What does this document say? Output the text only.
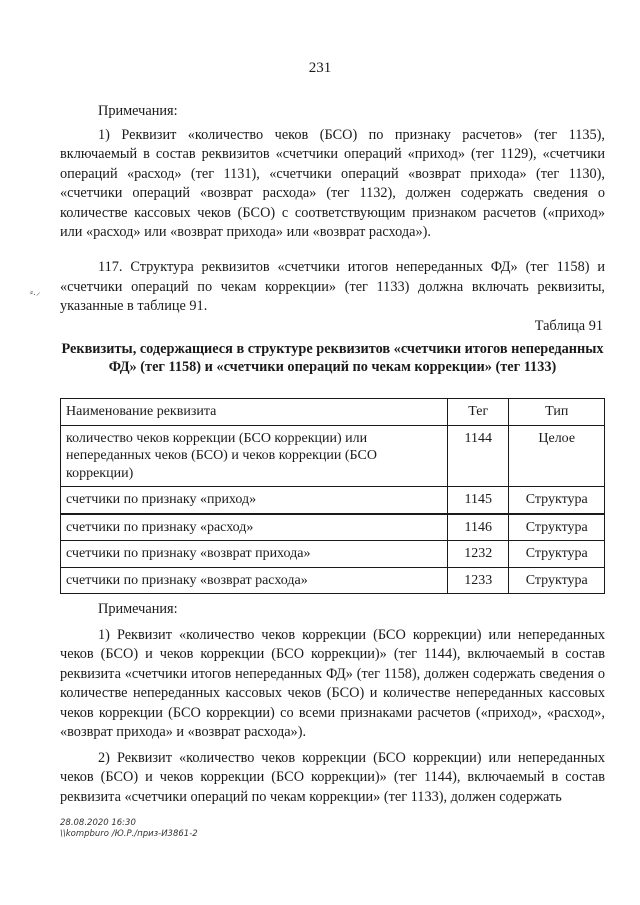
231

Примечания:

1) Реквизит «количество чеков (БСО) по признаку расчетов» (тег 1135), включаемый в состав реквизитов «счетчики операций «приход» (тег 1129), «счетчики операций «расход» (тег 1131), «счетчики операций «возврат прихода» (тег 1130), «счетчики операций «возврат расхода» (тег 1132), должен содержать сведения о количестве кассовых чеков (БСО) с соответствующим признаком расчетов («приход» или «расход» или «возврат прихода» или «возврат расхода»).

117. Структура реквизитов «счетчики итогов непереданных ФД» (тег 1158) и «счетчики операций по чекам коррекции» (тег 1133) должна включать реквизиты, указанные в таблице 91.

⸗.⸝
Таблица 91
Реквизиты, содержащиеся в структуре реквизитов «счетчики итогов непереданных ФД» (тег 1158) и «счетчики операций по чекам коррекции» (тег 1133)
Наименование реквизита	Тег	Тип
количество чеков коррекции (БСО коррекции) или непереданных чеков (БСО) и чеков коррекции (БСО коррекции)	1144	Целое
счетчики по признаку «приход»	1145	Структура
счетчики по признаку «расход»	1146	Структура
счетчики по признаку «возврат прихода»	1232	Структура
счетчики по признаку «возврат расхода»	1233	Структура

Примечания:

1) Реквизит «количество чеков коррекции (БСО коррекции) или непереданных чеков (БСО) и чеков коррекции (БСО коррекции)» (тег 1144), включаемый в состав реквизита «счетчики итогов непереданных ФД» (тег 1158), должен содержать сведения о количестве непереданных кассовых чеков (БСО) и количестве непереданных кассовых чеков коррекции (БСО коррекции) со всеми признаками расчетов («приход», «расход», «возврат прихода» и «возврат расхода»).

2) Реквизит «количество чеков коррекции (БСО коррекции) или непереданных чеков (БСО) и чеков коррекции (БСО коррекции)» (тег 1144), включаемый в состав реквизита «счетчики операций по чекам коррекции» (тег 1133), должен содержать

28.08.2020 16:30
\\kompburo /Ю.Р./приз-И3861-2
